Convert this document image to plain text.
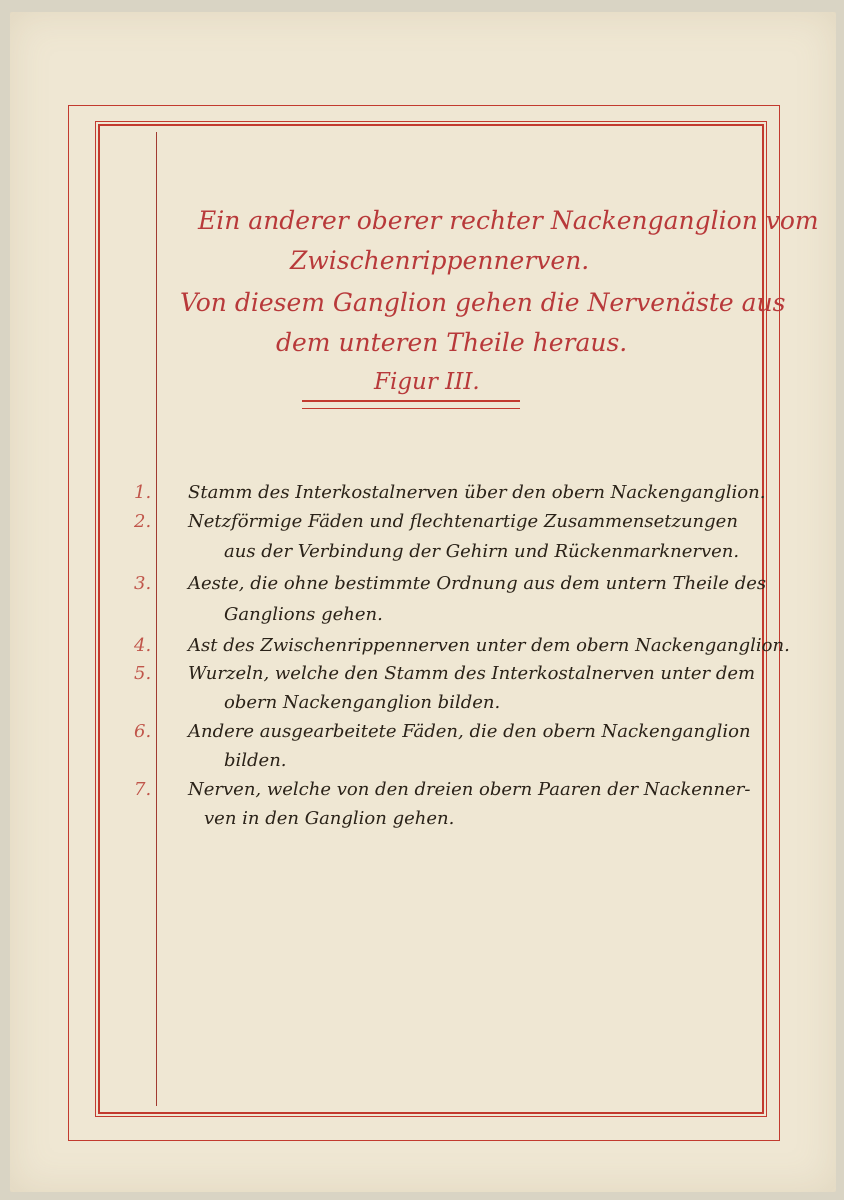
Ein anderer oberer rechter Nackenganglion vom
Zwischenrippennerven.
Von diesem Ganglion gehen die Nervenäste aus
dem unteren Theile heraus.
Figur III.
1. Stamm des Interkostalnerven über den obern Nackenganglion.
2. Netzförmige Fäden und flechtenartige Zusammensetzungen
aus der Verbindung der Gehirn und Rückenmarknerven.
3. Aeste, die ohne bestimmte Ordnung aus dem untern Theile des
Ganglions gehen.
4. Ast des Zwischenrippennerven unter dem obern Nackenganglion.
5. Wurzeln, welche den Stamm des Interkostalnerven unter dem
obern Nackenganglion bilden.
6. Andere ausgearbeitete Fäden, die den obern Nackenganglion
bilden.
7. Nerven, welche von den dreien obern Paaren der Nackenner-
ven in den Ganglion gehen.
